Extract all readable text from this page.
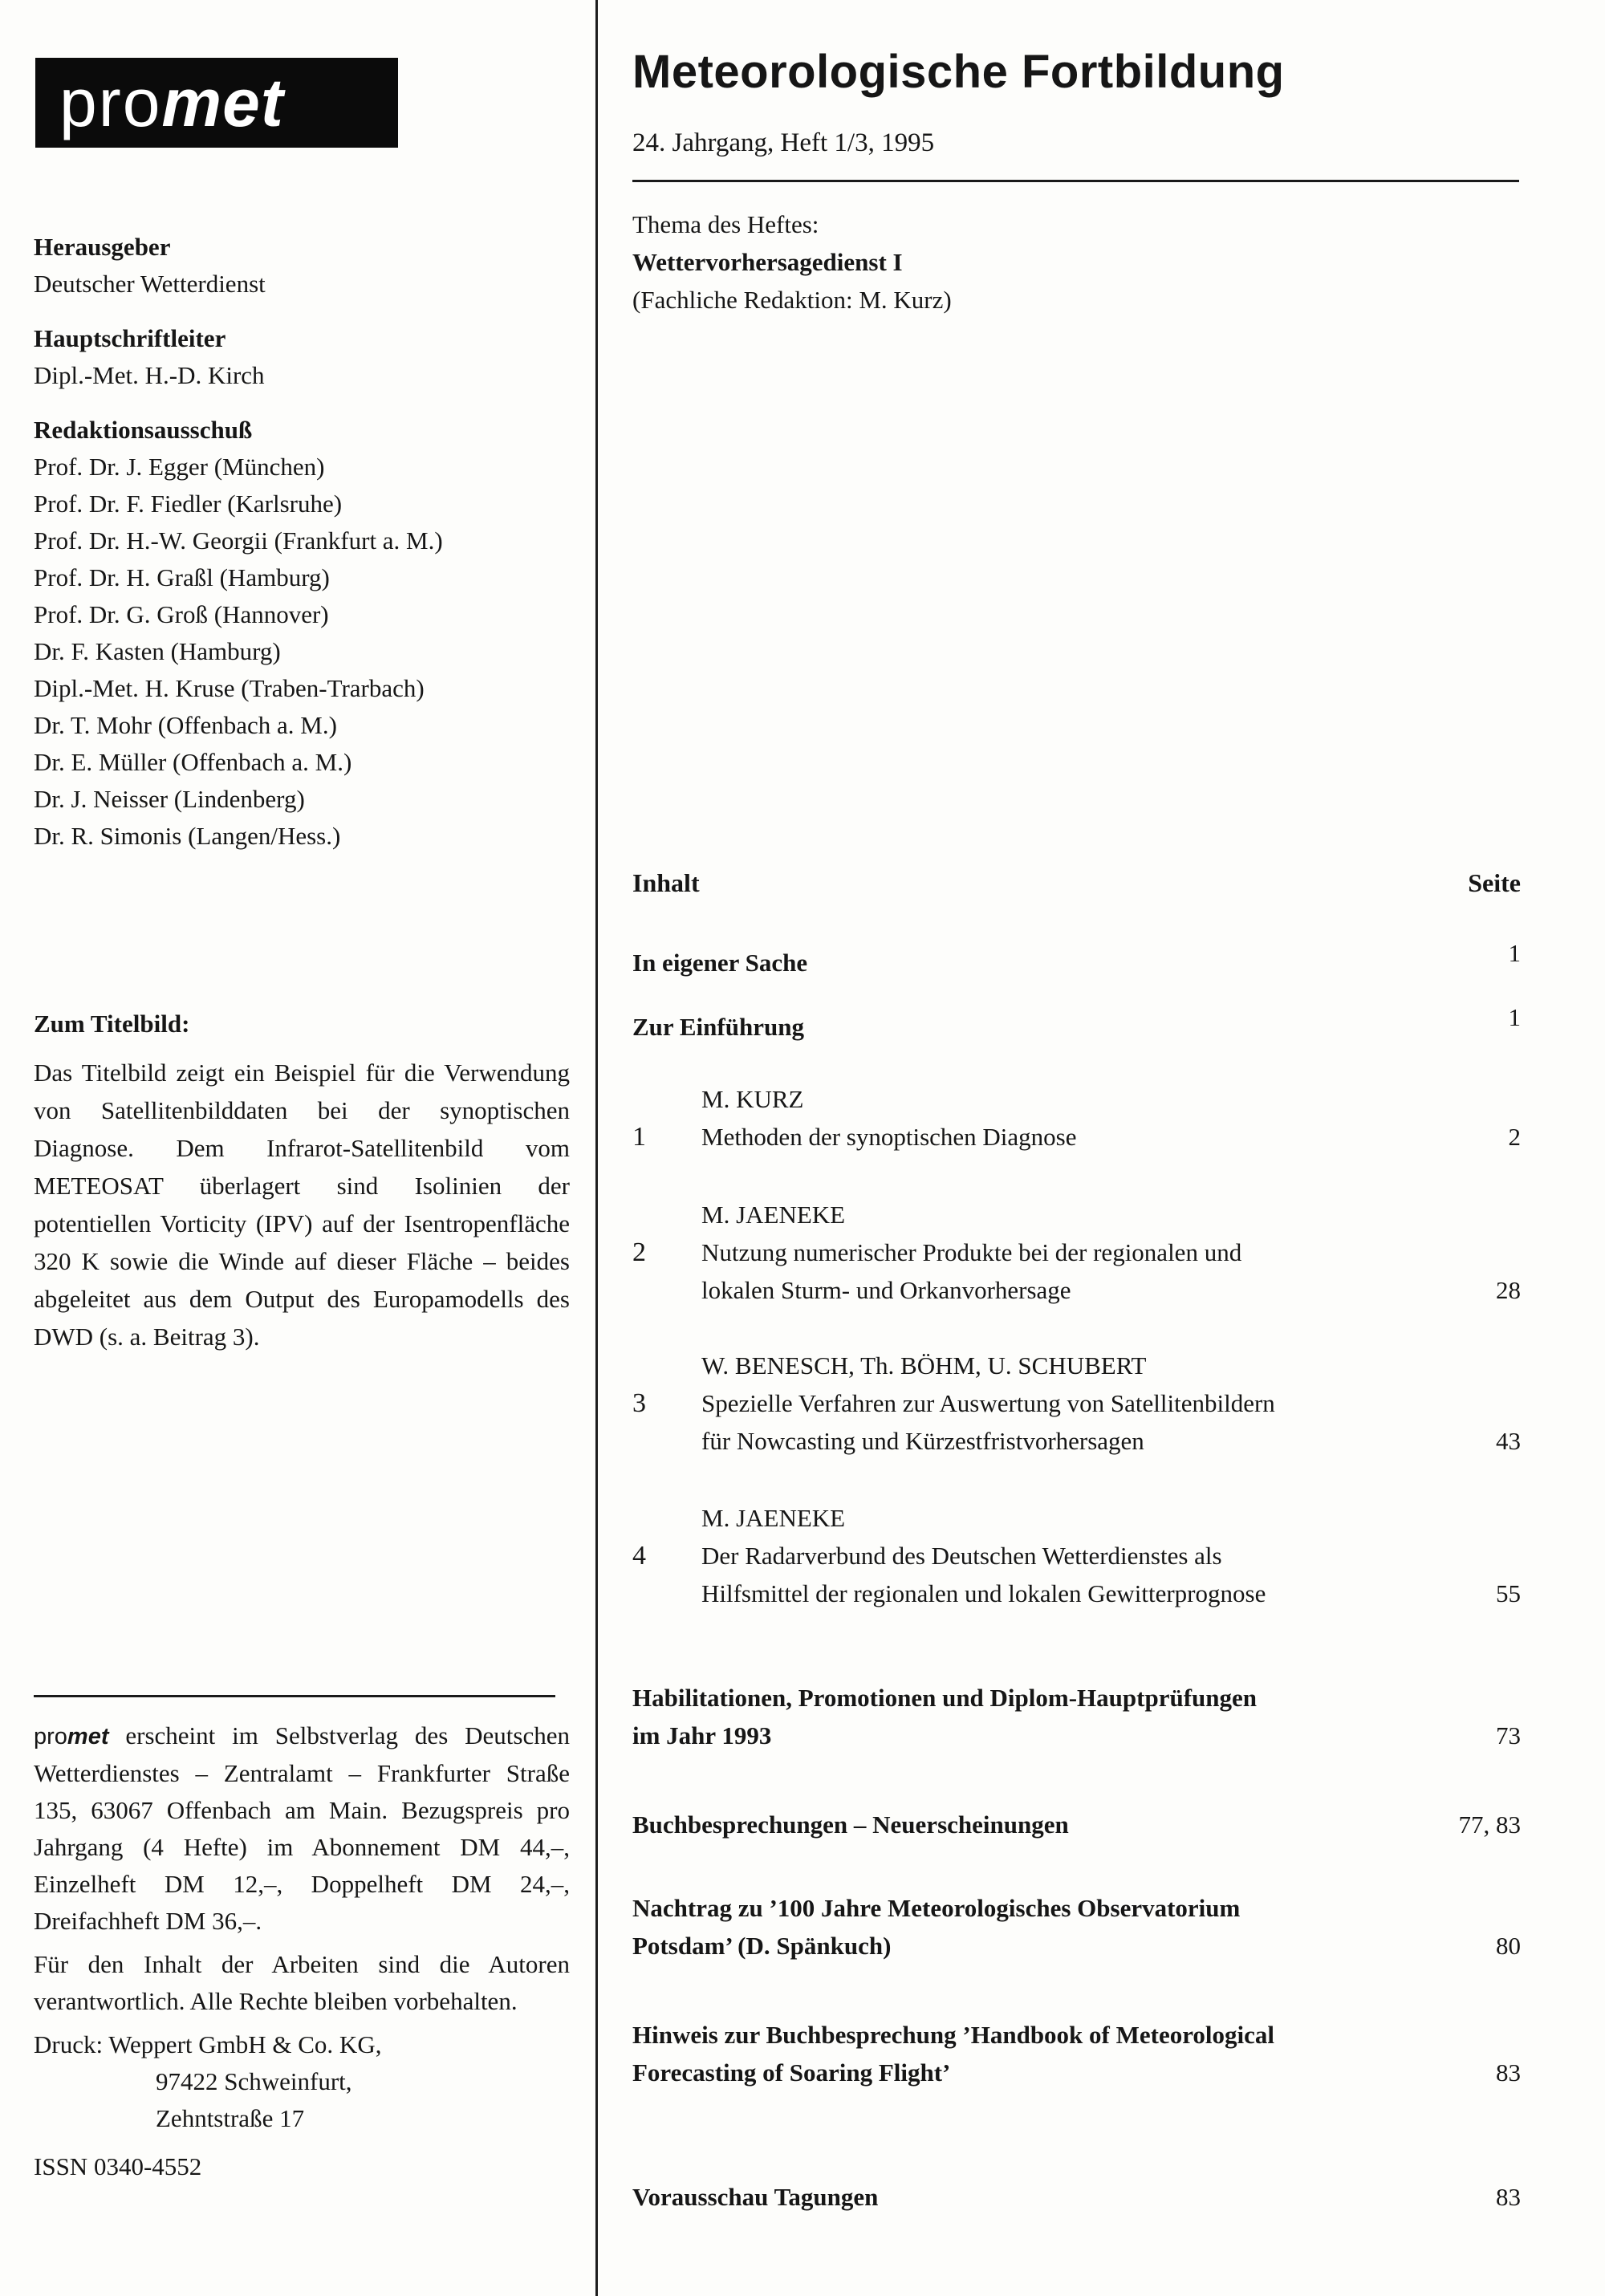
pro met
Herausgeber
Deutscher Wetterdienst
Hauptschriftleiter
Dipl.-Met. H.-D. Kirch
Redaktionsausschuß
Prof. Dr. J. Egger (München)
Prof. Dr. F. Fiedler (Karlsruhe)
Prof. Dr. H.-W. Georgii (Frankfurt a. M.)
Prof. Dr. H. Graßl (Hamburg)
Prof. Dr. G. Groß (Hannover)
Dr. F. Kasten (Hamburg)
Dipl.-Met. H. Kruse (Traben-Trarbach)
Dr. T. Mohr (Offenbach a. M.)
Dr. E. Müller (Offenbach a. M.)
Dr. J. Neisser (Lindenberg)
Dr. R. Simonis (Langen/Hess.)
Zum Titelbild:

Das Titelbild zeigt ein Beispiel für die Verwendung von Satellitenbilddaten bei der synoptischen Diagnose. Dem Infrarot-Satellitenbild vom METEOSAT überlagert sind Isolinien der potentiellen Vorticity (IPV) auf der Isentropenfläche 320 K sowie die Winde auf dieser Fläche – beides abgeleitet aus dem Output des Europamodells des DWD (s. a. Beitrag 3).

promet erscheint im Selbstverlag des Deutschen Wetterdienstes – Zentralamt – Frankfurter Straße 135, 63067 Offenbach am Main. Bezugspreis pro Jahrgang (4 Hefte) im Abonnement DM 44,–, Einzelheft DM 12,–, Doppelheft DM 24,–, Dreifachheft DM 36,–.

Für den Inhalt der Arbeiten sind die Autoren verantwortlich. Alle Rechte bleiben vorbehalten.

Druck: Weppert GmbH & Co. KG,
97422 Schweinfurt,
Zehntstraße 17
ISSN 0340-4552
Meteorologische Fortbildung
24. Jahrgang, Heft 1/3, 1995
Thema des Heftes:
Wettervorhersagedienst I
(Fachliche Redaktion: M. Kurz)
Inhalt	Seite
In eigener Sache	1
Zur Einführung	1
M. KURZ
1	Methoden der synoptischen Diagnose	2
M. JAENEKE
2	Nutzung numerischer Produkte bei der regionalen und
lokalen Sturm- und Orkanvorhersage	28
W. BENESCH, Th. BÖHM, U. SCHUBERT
3	Spezielle Verfahren zur Auswertung von Satellitenbildern
für Nowcasting und Kürzestfristvorhersagen	43
M. JAENEKE
4	Der Radarverbund des Deutschen Wetterdienstes als
Hilfsmittel der regionalen und lokalen Gewitterprognose	55
Habilitationen, Promotionen und Diplom-Hauptprüfungen
im Jahr 1993	73
Buchbesprechungen – Neuerscheinungen	77, 83
Nachtrag zu ’100 Jahre Meteorologisches Observatorium
Potsdam’ (D. Spänkuch)	80
Hinweis zur Buchbesprechung ’Handbook of Meteorological
Forecasting of Soaring Flight’	83
Vorausschau Tagungen	83
